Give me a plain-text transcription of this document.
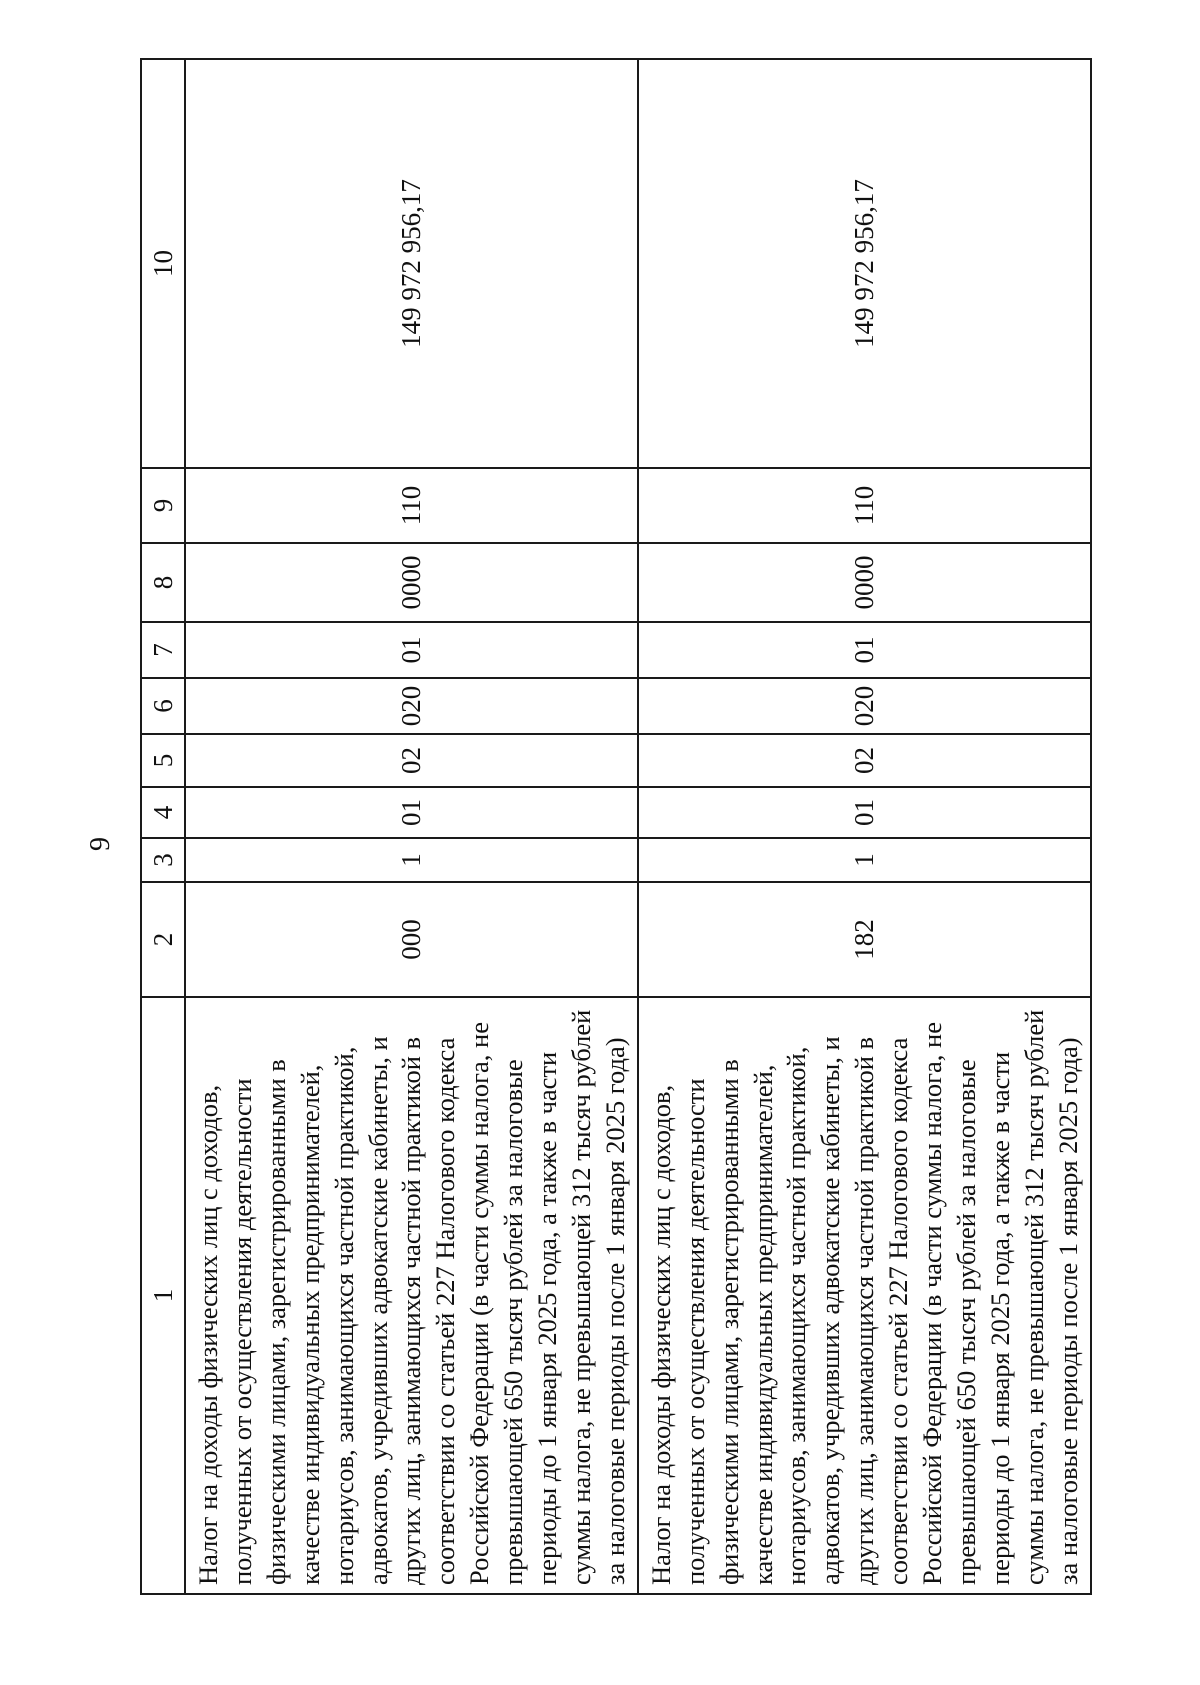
9
1	2	3	4	5	6	7	8	9	10
Налог на доходы физических лиц с доходов, полученных от осуществления деятельности физическими лицами, зарегистрированными в качестве индивидуальных предпринимателей, нотариусов, занимающихся частной практикой, адвокатов, учредивших адвокатские кабинеты, и других лиц, занимающихся частной практикой в соответствии со статьей 227 Налогового кодекса Российской Федерации (в части суммы налога, не превышающей 650 тысяч рублей за налоговые периоды до 1 января 2025 года, а также в части суммы налога, не превышающей 312 тысяч рублей за налоговые периоды после 1 января 2025 года)	000	1	01	02	020	01	0000	110	149 972 956,17
Налог на доходы физических лиц с доходов, полученных от осуществления деятельности физическими лицами, зарегистрированными в качестве индивидуальных предпринимателей, нотариусов, занимающихся частной практикой, адвокатов, учредивших адвокатские кабинеты, и других лиц, занимающихся частной практикой в соответствии со статьей 227 Налогового кодекса Российской Федерации (в части суммы налога, не превышающей 650 тысяч рублей за налоговые периоды до 1 января 2025 года, а также в части суммы налога, не превышающей 312 тысяч рублей за налоговые периоды после 1 января 2025 года)	182	1	01	02	020	01	0000	110	149 972 956,17
